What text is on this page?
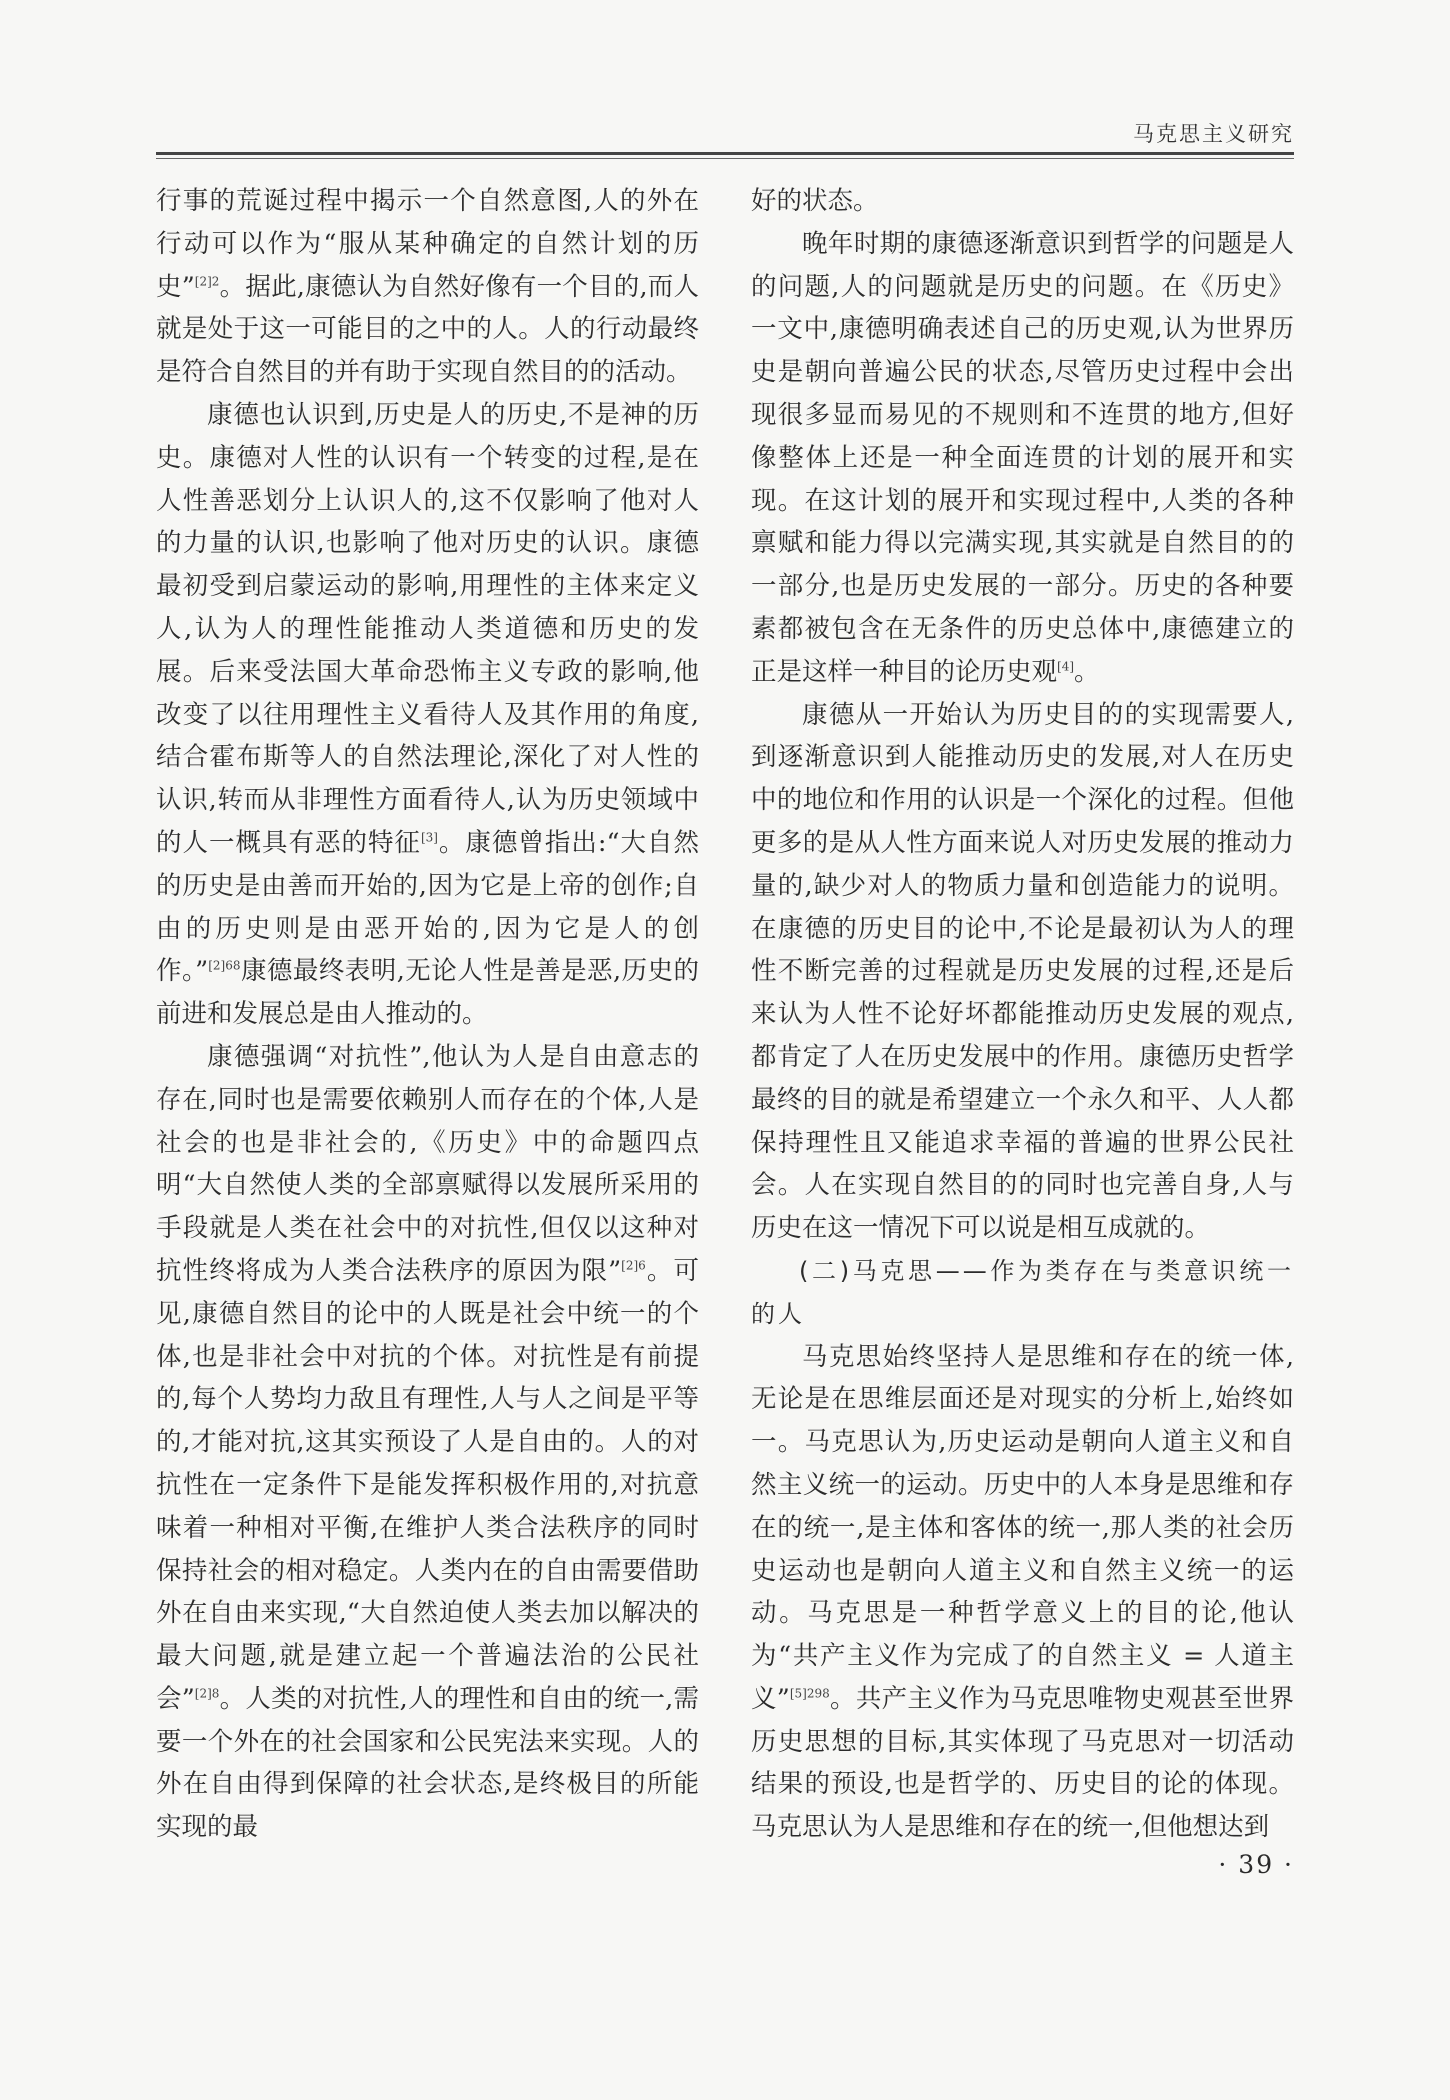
马克思主义研究

行事的荒诞过程中揭示一个自然意图,人的外在行动可以作为“服从某种确定的自然计划的历史”$^{[2]2}$。据此,康德认为自然好像有一个目的,而人就是处于这一可能目的之中的人。人的行动最终是符合自然目的并有助于实现自然目的的活动。

康德也认识到,历史是人的历史,不是神的历史。康德对人性的认识有一个转变的过程,是在人性善恶划分上认识人的,这不仅影响了他对人的力量的认识,也影响了他对历史的认识。康德最初受到启蒙运动的影响,用理性的主体来定义人,认为人的理性能推动人类道德和历史的发展。后来受法国大革命恐怖主义专政的影响,他改变了以往用理性主义看待人及其作用的角度,结合霍布斯等人的自然法理论,深化了对人性的认识,转而从非理性方面看待人,认为历史领域中的人一概具有恶的特征[3]。康德曾指出:“大自然的历史是由善而开始的,因为它是上帝的创作;自由的历史则是由恶开始的,因为它是人的创作。”$^{[2]68}$康德最终表明,无论人性是善是恶,历史的前进和发展总是由人推动的。

康德强调“对抗性”,他认为人是自由意志的存在,同时也是需要依赖别人而存在的个体,人是社会的也是非社会的,《历史》中的命题四点明“大自然使人类的全部禀赋得以发展所采用的手段就是人类在社会中的对抗性,但仅以这种对抗性终将成为人类合法秩序的原因为限”$^{[2]6}$。可见,康德自然目的论中的人既是社会中统一的个体,也是非社会中对抗的个体。对抗性是有前提的,每个人势均力敌且有理性,人与人之间是平等的,才能对抗,这其实预设了人是自由的。人的对抗性在一定条件下是能发挥积极作用的,对抗意味着一种相对平衡,在维护人类合法秩序的同时保持社会的相对稳定。人类内在的自由需要借助外在自由来实现,“大自然迫使人类去加以解决的最大问题,就是建立起一个普遍法治的公民社会”$^{[2]8}$。人类的对抗性,人的理性和自由的统一,需要一个外在的社会国家和公民宪法来实现。人的外在自由得到保障的社会状态,是终极目的所能实现的最

好的状态。

晚年时期的康德逐渐意识到哲学的问题是人的问题,人的问题就是历史的问题。在《历史》一文中,康德明确表述自己的历史观,认为世界历史是朝向普遍公民的状态,尽管历史过程中会出现很多显而易见的不规则和不连贯的地方,但好像整体上还是一种全面连贯的计划的展开和实现。在这计划的展开和实现过程中,人类的各种禀赋和能力得以完满实现,其实就是自然目的的一部分,也是历史发展的一部分。历史的各种要素都被包含在无条件的历史总体中,康德建立的正是这样一种目的论历史观[4]。

康德从一开始认为历史目的的实现需要人,到逐渐意识到人能推动历史的发展,对人在历史中的地位和作用的认识是一个深化的过程。但他更多的是从人性方面来说人对历史发展的推动力量的,缺少对人的物质力量和创造能力的说明。在康德的历史目的论中,不论是最初认为人的理性不断完善的过程就是历史发展的过程,还是后来认为人性不论好坏都能推动历史发展的观点,都肯定了人在历史发展中的作用。康德历史哲学最终的目的就是希望建立一个永久和平、人人都保持理性且又能追求幸福的普遍的世界公民社会。人在实现自然目的的同时也完善自身,人与历史在这一情况下可以说是相互成就的。

(二)马克思——作为类存在与类意识统一的人

马克思始终坚持人是思维和存在的统一体,无论是在思维层面还是对现实的分析上,始终如一。马克思认为,历史运动是朝向人道主义和自然主义统一的运动。历史中的人本身是思维和存在的统一,是主体和客体的统一,那人类的社会历史运动也是朝向人道主义和自然主义统一的运动。马克思是一种哲学意义上的目的论,他认为“共产主义作为完成了的自然主义 = 人道主义”$^{[5]298}$。共产主义作为马克思唯物史观甚至世界历史思想的目标,其实体现了马克思对一切活动结果的预设,也是哲学的、历史目的论的体现。马克思认为人是思维和存在的统一,但他想达到

· 39 ·
